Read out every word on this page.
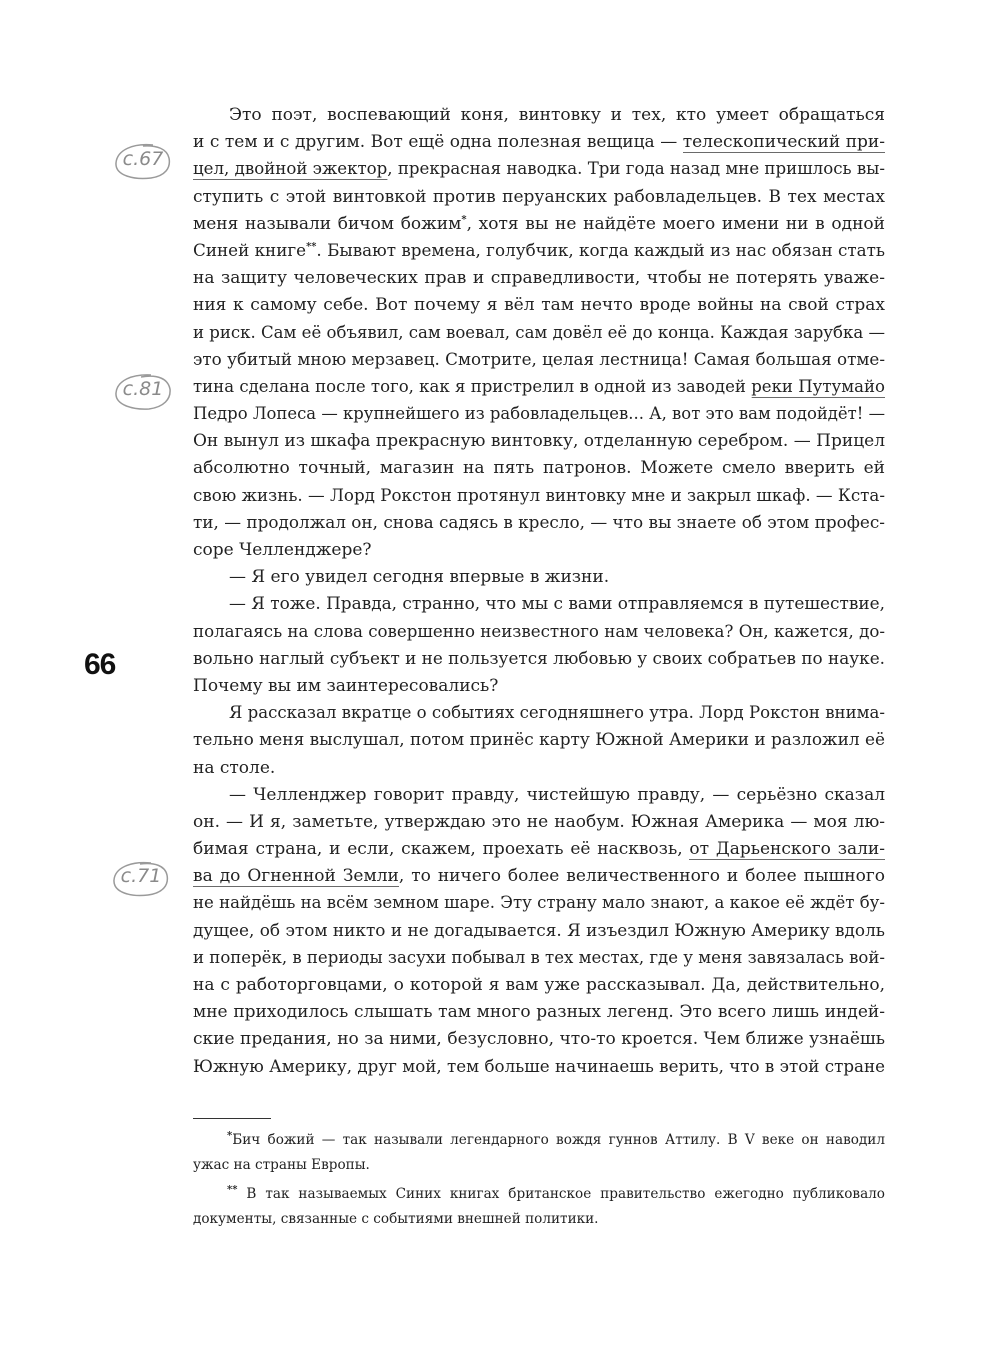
Это поэт, воспевающий коня, винтовку и тех, кто умеет обращаться
и с тем и с другим. Вот ещё одна полезная вещица — телескопический при-
цел, двойной эжектор, прекрасная наводка. Три года назад мне пришлось вы-
ступить с этой винтовкой против перуанских рабовладельцев. В тех местах
меня называли бичом божим*, хотя вы не найдёте моего имени ни в одной
Синей книге**. Бывают времена, голубчик, когда каждый из нас обязан стать
на защиту человеческих прав и справедливости, чтобы не потерять уваже-
ния к самому себе. Вот почему я вёл там нечто вроде войны на свой страх
и риск. Сам её объявил, сам воевал, сам довёл её до конца. Каждая зарубка —
это убитый мною мерзавец. Смотрите, целая лестница! Самая большая отме-
тина сделана после того, как я пристрелил в одной из заводей реки Путумайо
Педро Лопеса — крупнейшего из рабовладельцев... А, вот это вам подойдёт! —
Он вынул из шкафа прекрасную винтовку, отделанную серебром. — Прицел
абсолютно точный, магазин на пять патронов. Можете смело вверить ей
свою жизнь. — Лорд Рокстон протянул винтовку мне и закрыл шкаф. — Кста-
ти, — продолжал он, снова садясь в кресло, — что вы знаете об этом профес-
соре Челленджере?
— Я его увидел сегодня впервые в жизни.
— Я тоже. Правда, странно, что мы с вами отправляемся в путешествие,
полагаясь на слова совершенно неизвестного нам человека? Он, кажется, до-
вольно наглый субъект и не пользуется любовью у своих собратьев по науке.
Почему вы им заинтересовались?
Я рассказал вкратце о событиях сегодняшнего утра. Лорд Рокстон внима-
тельно меня выслушал, потом принёс карту Южной Америки и разложил её
на столе.
— Челленджер говорит правду, чистейшую правду, — серьёзно сказал
он. — И я, заметьте, утверждаю это не наобум. Южная Америка — моя лю-
бимая страна, и если, скажем, проехать её насквозь, от Дарьенского зали-
ва до Огненной Земли, то ничего более величественного и более пышного
не найдёшь на всём земном шаре. Эту страну мало знают, а какое её ждёт бу-
дущее, об этом никто и не догадывается. Я изъездил Южную Америку вдоль
и поперёк, в периоды засухи побывал в тех местах, где у меня завязалась вой-
на с работорговцами, о которой я вам уже рассказывал. Да, действительно,
мне приходилось слышать там много разных легенд. Это всего лишь индей-
ские предания, но за ними, безусловно, что-то кроется. Чем ближе узнаёшь
Южную Америку, друг мой, тем больше начинаешь верить, что в этой стране
66
с.67
с.81
с.71
*Бич божий — так называли легендарного вождя гуннов Аттилу. В V веке он наводил
ужас на страны Европы.
** В так называемых Синих книгах британское правительство ежегодно публиковало
документы, связанные с событиями внешней политики.
